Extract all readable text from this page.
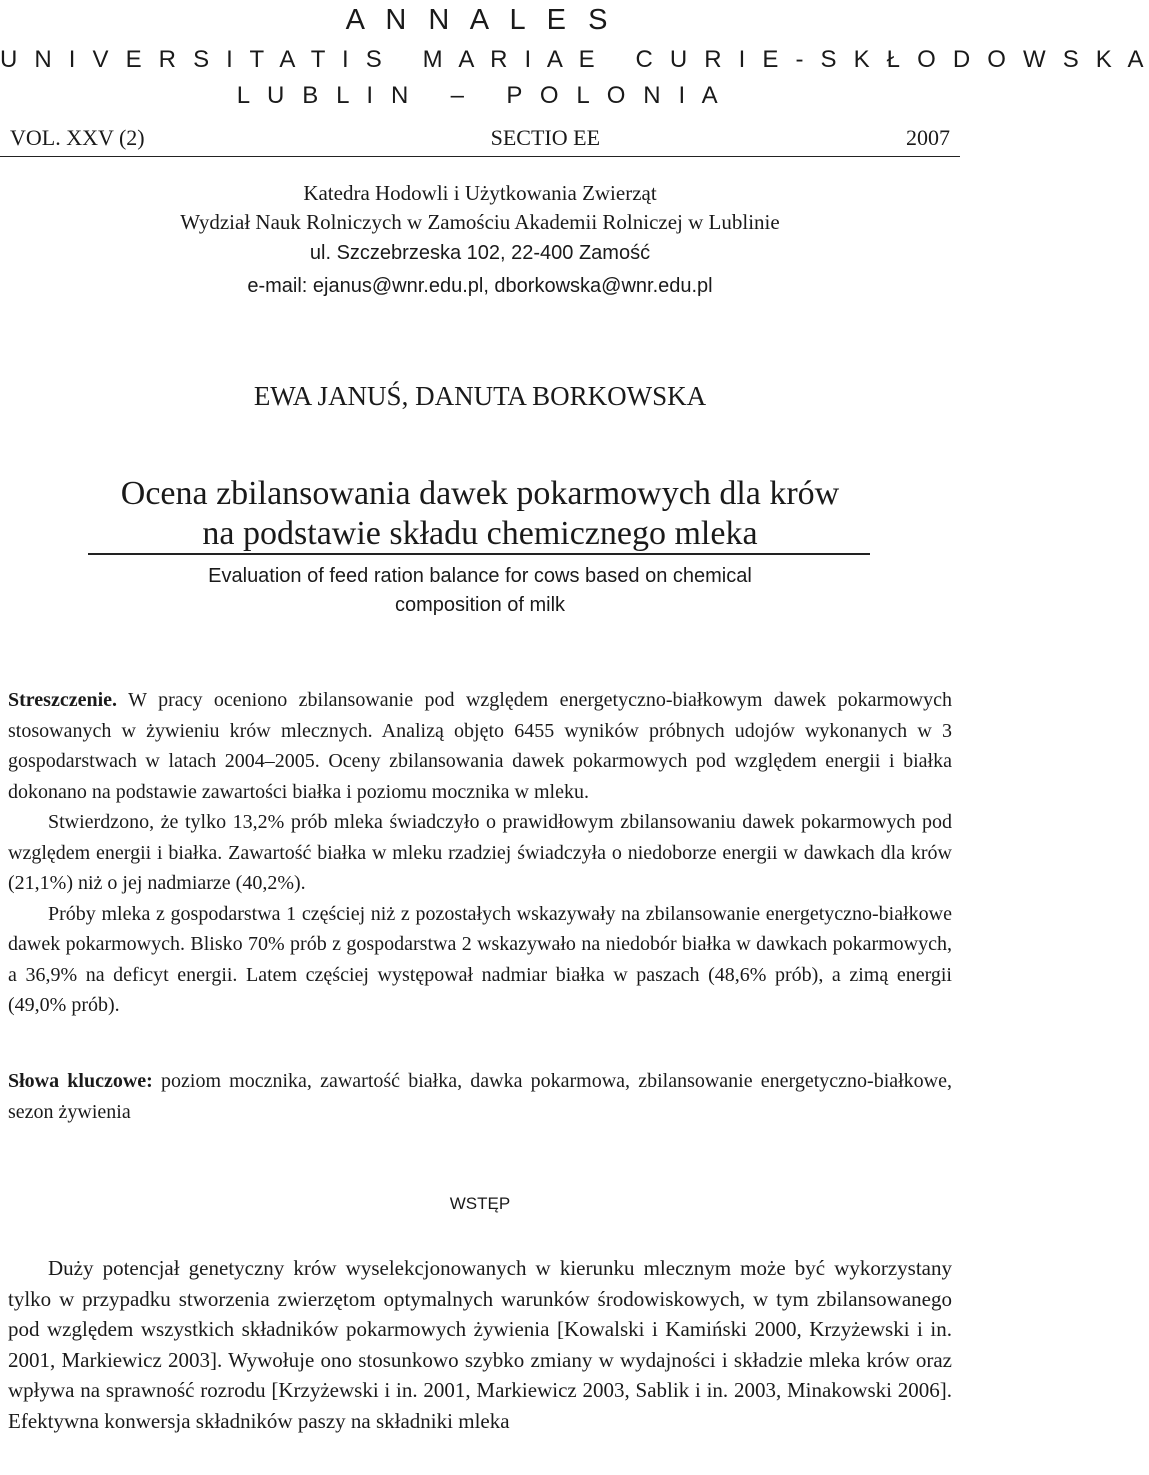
A N N A L E S
U N I V E R S I T A T I S   M A R I A E   C U R I E - S K Ł O D O W S K A
L U B L I N   –   P O L O N I A
VOL. XXV (2)	SECTIO EE	2007
Katedra Hodowli i Użytkowania Zwierząt
Wydział Nauk Rolniczych w Zamościu Akademii Rolniczej w Lublinie
ul. Szczebrzeska 102, 22-400 Zamość
e-mail: ejanus@wnr.edu.pl, dborkowska@wnr.edu.pl
EWA JANUŚ, DANUTA BORKOWSKA
Ocena zbilansowania dawek pokarmowych dla krów
na podstawie składu chemicznego mleka
Evaluation of feed ration balance for cows based on chemical
composition of milk

Streszczenie. W pracy oceniono zbilansowanie pod względem energetyczno-białkowym dawek pokarmowych stosowanych w żywieniu krów mlecznych. Analizą objęto 6455 wyników próbnych udojów wykonanych w 3 gospodarstwach w latach 2004–2005. Oceny zbilansowania dawek pokarmowych pod względem energii i białka dokonano na podstawie zawartości białka i poziomu mocznika w mleku.

Stwierdzono, że tylko 13,2% prób mleka świadczyło o prawidłowym zbilansowaniu dawek pokarmowych pod względem energii i białka. Zawartość białka w mleku rzadziej świadczyła o niedoborze energii w dawkach dla krów (21,1%) niż o jej nadmiarze (40,2%).

Próby mleka z gospodarstwa 1 częściej niż z pozostałych wskazywały na zbilansowanie energetyczno-białkowe dawek pokarmowych. Blisko 70% prób z gospodarstwa 2 wskazywało na niedobór białka w dawkach pokarmowych, a 36,9% na deficyt energii. Latem częściej występował nadmiar białka w paszach (48,6% prób), a zimą energii (49,0% prób).

Słowa kluczowe: poziom mocznika, zawartość białka, dawka pokarmowa, zbilansowanie energetyczno-białkowe, sezon żywienia

WSTĘP
Duży potencjał genetyczny krów wyselekcjonowanych w kierunku mlecznym może być wykorzystany tylko w przypadku stworzenia zwierzętom optymalnych warunków środowiskowych, w tym zbilansowanego pod względem wszystkich składników pokarmowych żywienia [Kowalski i Kamiński 2000, Krzyżewski i in. 2001, Markiewicz 2003]. Wywołuje ono stosunkowo szybko zmiany w wydajności i składzie mleka krów oraz wpływa na sprawność rozrodu [Krzyżewski i in. 2001, Markiewicz 2003, Sablik i in. 2003, Minakowski 2006]. Efektywna konwersja składników paszy na składniki mleka
